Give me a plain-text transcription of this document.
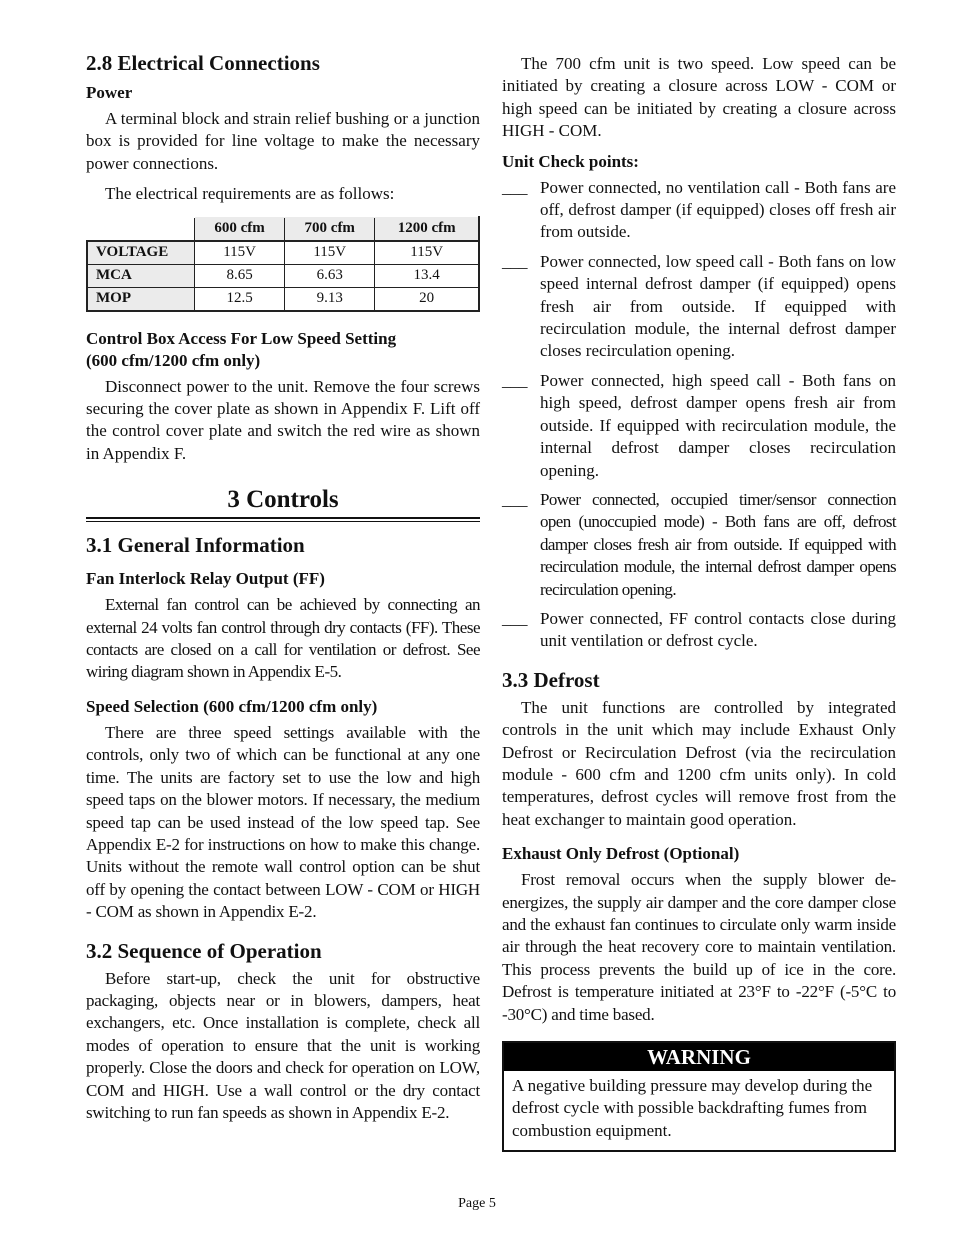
2.8 Electrical Connections
Power

A terminal block and strain relief bushing or a junction box is provided for line voltage to make the necessary power connections.

The electrical requirements are as follows:

	600 cfm	700 cfm	1200 cfm
VOLTAGE	115V	115V	115V
MCA	8.65	6.63	13.4
MOP	12.5	9.13	20
Control Box Access For Low Speed Setting
(600 cfm/1200 cfm only)

Disconnect power to the unit. Remove the four screws securing the cover plate as shown in Appendix F. Lift off the control cover plate and switch the red wire as shown in Appendix F.

3 Controls
3.1 General Information
Fan Interlock Relay Output (FF)

External fan control can be achieved by connecting an external 24 volts fan control through dry contacts (FF). These contacts are closed on a call for ventilation or defrost. See wiring diagram shown in Appendix E-5.

Speed Selection (600 cfm/1200 cfm only)

There are three speed settings available with the controls, only two of which can be functional at any one time. The units are factory set to use the low and high speed taps on the blower motors. If necessary, the medium speed tap can be used instead of the low speed tap. See Appendix E-2 for instructions on how to make this change. Units without the remote wall control option can be shut off by opening the contact between LOW - COM or HIGH - COM as shown in Appendix E-2.

3.2 Sequence of Operation

Before start-up, check the unit for obstructive packaging, objects near or in blowers, dampers, heat exchangers, etc. Once installation is complete, check all modes of operation to ensure that the unit is working properly. Close the doors and check for operation on LOW, COM and HIGH. Use a wall control or the dry contact switching to run fan speeds as shown in Appendix E-2.

The 700 cfm unit is two speed. Low speed can be initiated by creating a closure across LOW - COM or high speed can be initiated by creating a closure across HIGH - COM.

Unit Check points:
___ Power connected, no ventilation call - Both fans are off, defrost damper (if equipped) closes off fresh air from outside.

___ Power connected, low speed call - Both fans on low speed internal defrost damper (if equipped) opens fresh air from outside. If equipped with recirculation module, the internal defrost damper closes recirculation opening.

___ Power connected, high speed call - Both fans on high speed, defrost damper opens fresh air from outside. If equipped with recirculation module, the internal defrost damper closes recirculation opening.

___ Power connected, occupied timer/sensor connection open (unoccupied mode) - Both fans are off, defrost damper closes fresh air from outside. If equipped with recirculation module, the internal defrost damper opens recirculation opening.

___ Power connected, FF control contacts close during unit ventilation or defrost cycle.

3.3 Defrost

The unit functions are controlled by integrated controls in the unit which may include Exhaust Only Defrost or Recirculation Defrost (via the recirculation module - 600 cfm and 1200 cfm units only). In cold temperatures, defrost cycles will remove frost from the heat exchanger to maintain good operation.

Exhaust Only Defrost (Optional)

Frost removal occurs when the supply blower de-energizes, the supply air damper and the core damper close and the exhaust fan continues to circulate only warm inside air through the heat recovery core to maintain ventilation. This process prevents the build up of ice in the core. Defrost is temperature initiated at 23°F to -22°F (-5°C to -30°C) and time based.

WARNING

A negative building pressure may develop during the defrost cycle with possible backdrafting fumes from combustion equipment.

Page 5
